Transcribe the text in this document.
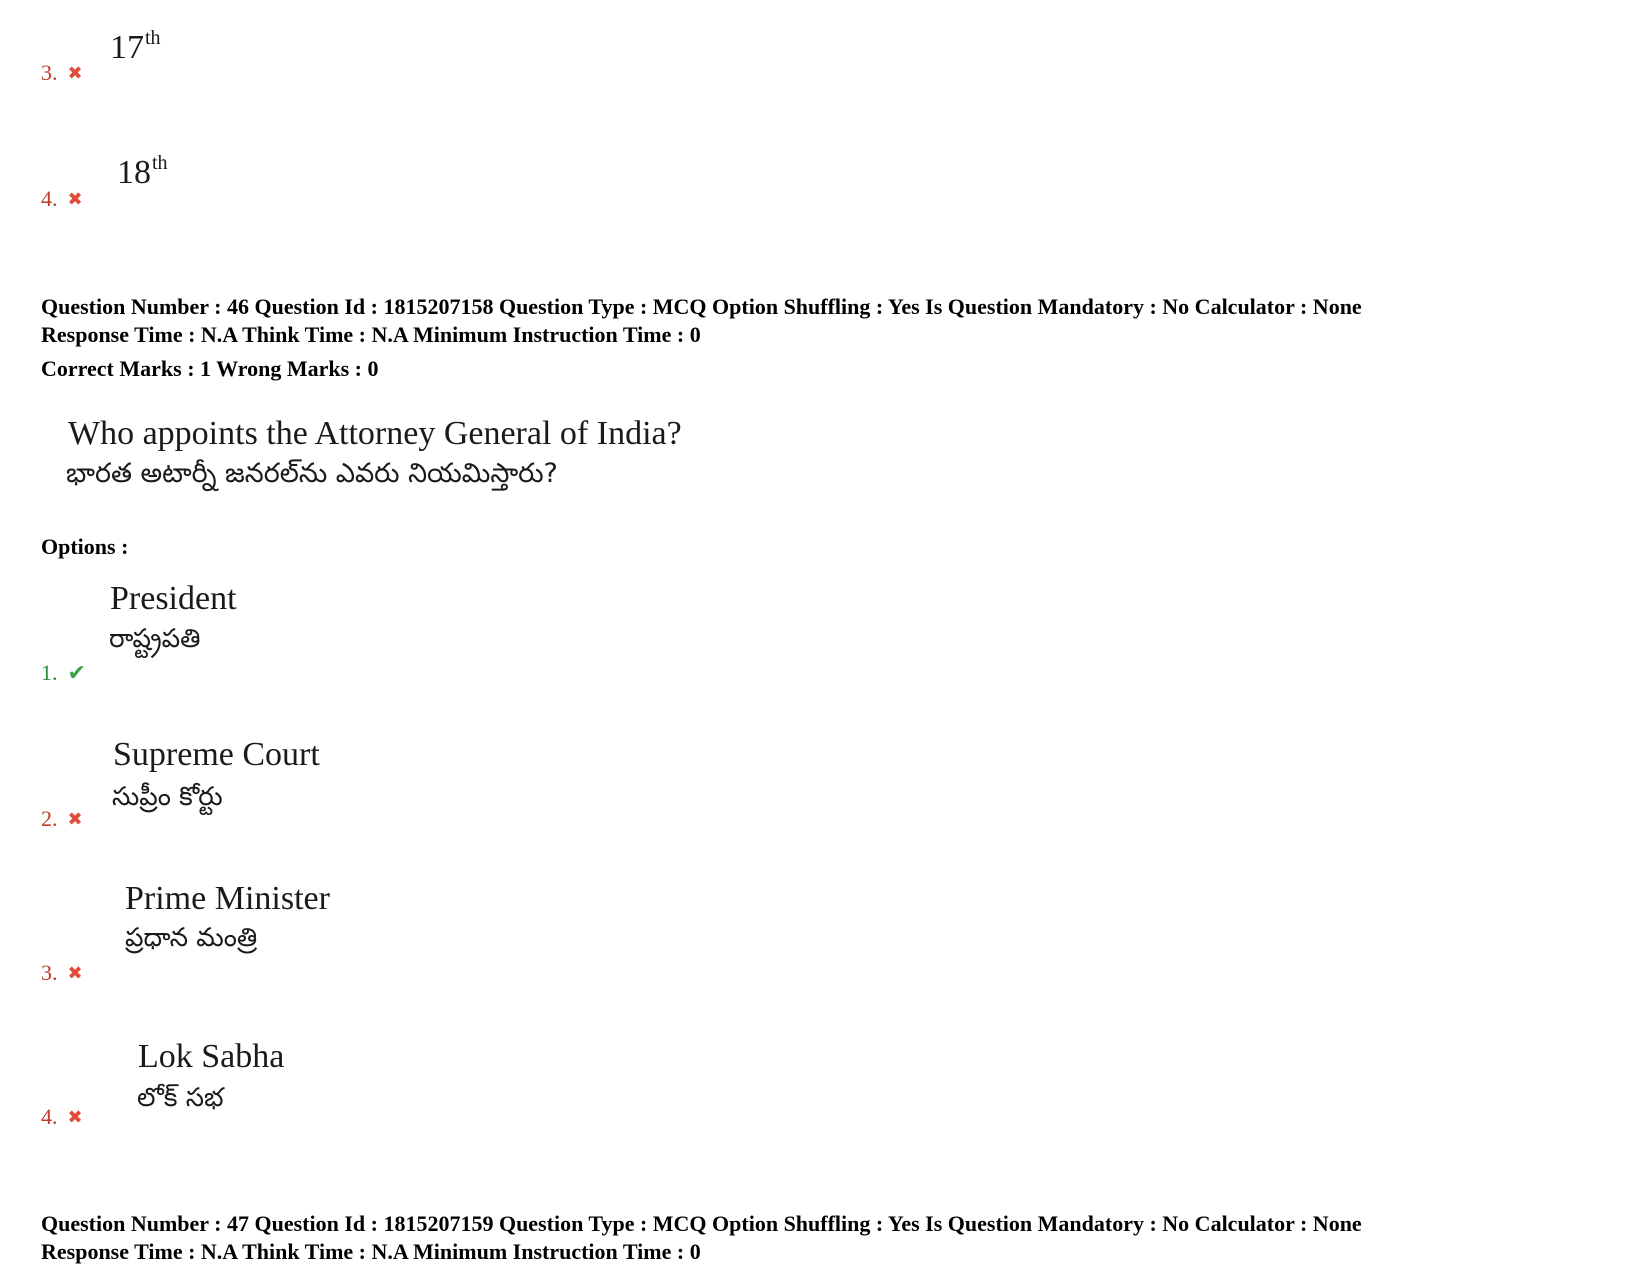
17th
3. ✖
18th
4. ✖
Question Number : 46 Question Id : 1815207158 Question Type : MCQ Option Shuffling : Yes Is Question Mandatory : No Calculator : None
Response Time : N.A Think Time : N.A Minimum Instruction Time : 0
Correct Marks : 1 Wrong Marks : 0
Who appoints the Attorney General of India?
భారత అటార్నీ జనరల్‌ను ఎవరు నియమిస్తారు?
Options :
President
రాష్ట్రపతి
1. ✔
Supreme Court
సుప్రీం కోర్టు
2. ✖
Prime Minister
ప్రధాన మంత్రి
3. ✖
Lok Sabha
లోక్ సభ
4. ✖
Question Number : 47 Question Id : 1815207159 Question Type : MCQ Option Shuffling : Yes Is Question Mandatory : No Calculator : None
Response Time : N.A Think Time : N.A Minimum Instruction Time : 0
